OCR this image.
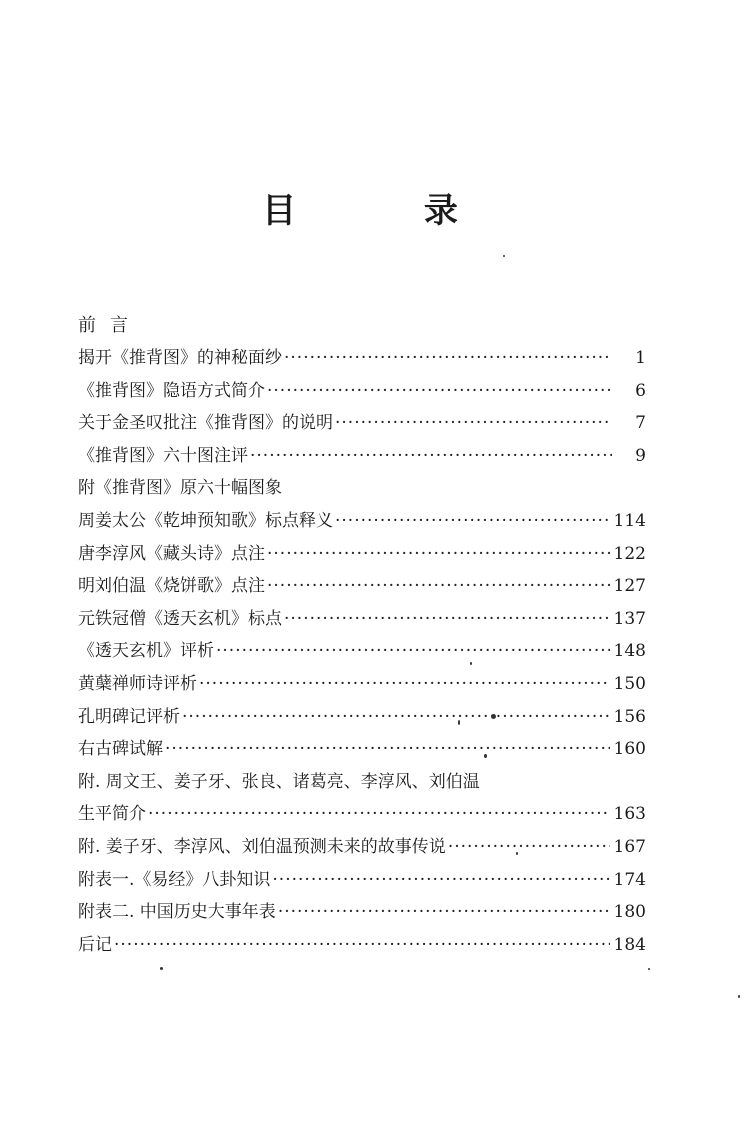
目 录
前言
揭开《推背图》的神秘面纱 ·····	1
《推背图》隐语方式简介 ·····	6
关于金圣叹批注《推背图》的说明 ·····	7
《推背图》六十图注评 ·····	9
附《推背图》原六十幅图象
周姜太公《乾坤预知歌》标点释义 ·····	114
唐李淳风《藏头诗》点注 ·····	122
明刘伯温《烧饼歌》点注 ·····	127
元铁冠僧《透天玄机》标点 ·····	137
《透天玄机》评析 ·····	148
黄蘖禅师诗评析 ·····	150
孔明碑记评析 ·····	156
右古碑试解 ·····	160
附. 周文王、姜子牙、张良、诸葛亮、李淳风、刘伯温
生平简介 ·····	163
附. 姜子牙、李淳风、刘伯温预测未来的故事传说 ·····	167
附表一.《易经》八卦知识 ·····	174
附表二. 中国历史大事年表 ·····	180
后记 ·····	184
